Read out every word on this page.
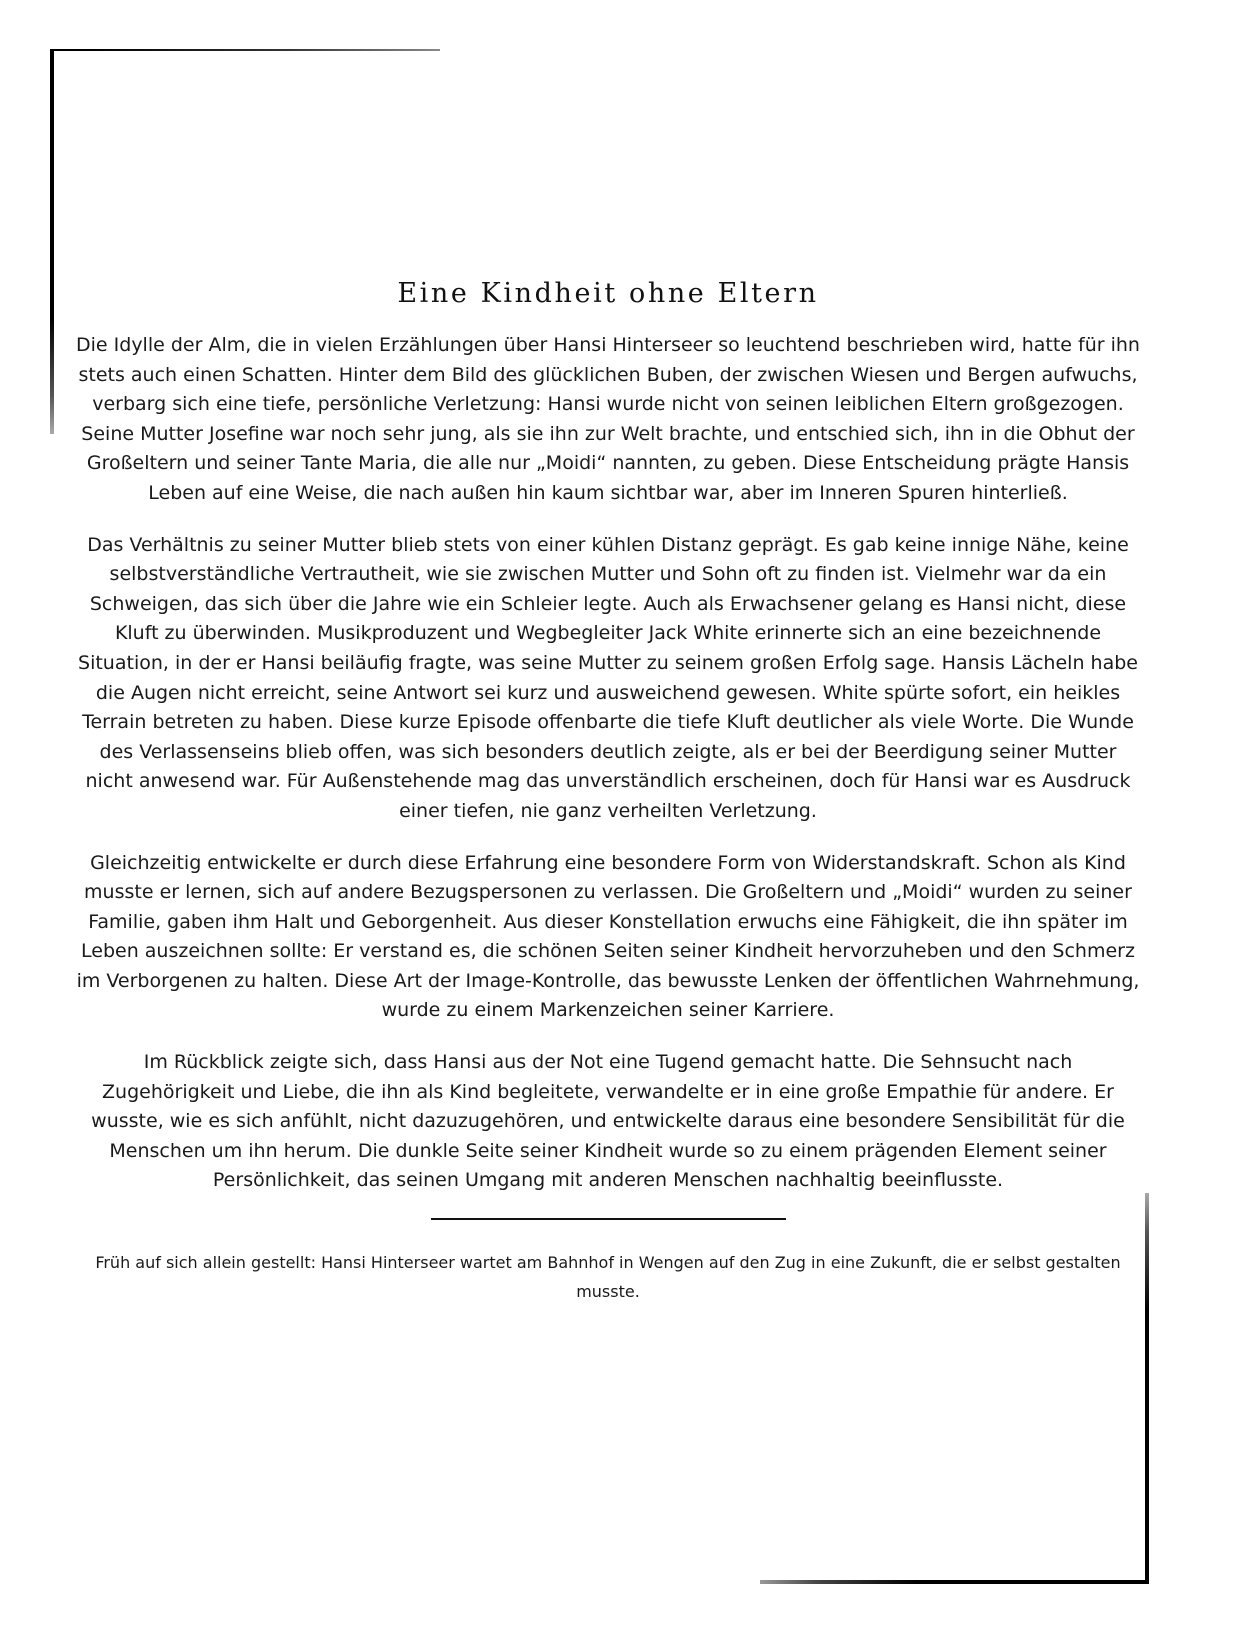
Eine Kindheit ohne Eltern

Die Idylle der Alm, die in vielen Erzählungen über Hansi Hinterseer so leuchtend beschrieben wird, hatte für ihn stets auch einen Schatten. Hinter dem Bild des glücklichen Buben, der zwischen Wiesen und Bergen aufwuchs, verbarg sich eine tiefe, persönliche Verletzung: Hansi wurde nicht von seinen leiblichen Eltern großgezogen. Seine Mutter Josefine war noch sehr jung, als sie ihn zur Welt brachte, und entschied sich, ihn in die Obhut der Großeltern und seiner Tante Maria, die alle nur „Moidi“ nannten, zu geben. Diese Entscheidung prägte Hansis Leben auf eine Weise, die nach außen hin kaum sichtbar war, aber im Inneren Spuren hinterließ.

Das Verhältnis zu seiner Mutter blieb stets von einer kühlen Distanz geprägt. Es gab keine innige Nähe, keine selbstverständliche Vertrautheit, wie sie zwischen Mutter und Sohn oft zu finden ist. Vielmehr war da ein Schweigen, das sich über die Jahre wie ein Schleier legte. Auch als Erwachsener gelang es Hansi nicht, diese Kluft zu überwinden. Musikproduzent und Wegbegleiter Jack White erinnerte sich an eine bezeichnende Situation, in der er Hansi beiläufig fragte, was seine Mutter zu seinem großen Erfolg sage. Hansis Lächeln habe die Augen nicht erreicht, seine Antwort sei kurz und ausweichend gewesen. White spürte sofort, ein heikles Terrain betreten zu haben. Diese kurze Episode offenbarte die tiefe Kluft deutlicher als viele Worte. Die Wunde des Verlassenseins blieb offen, was sich besonders deutlich zeigte, als er bei der Beerdigung seiner Mutter nicht anwesend war. Für Außenstehende mag das unverständlich erscheinen, doch für Hansi war es Ausdruck einer tiefen, nie ganz verheilten Verletzung.

Gleichzeitig entwickelte er durch diese Erfahrung eine besondere Form von Widerstandskraft. Schon als Kind musste er lernen, sich auf andere Bezugspersonen zu verlassen. Die Großeltern und „Moidi“ wurden zu seiner Familie, gaben ihm Halt und Geborgenheit. Aus dieser Konstellation erwuchs eine Fähigkeit, die ihn später im Leben auszeichnen sollte: Er verstand es, die schönen Seiten seiner Kindheit hervorzuheben und den Schmerz im Verborgenen zu halten. Diese Art der Image-Kontrolle, das bewusste Lenken der öffentlichen Wahrnehmung, wurde zu einem Markenzeichen seiner Karriere.

Im Rückblick zeigte sich, dass Hansi aus der Not eine Tugend gemacht hatte. Die Sehnsucht nach Zugehörigkeit und Liebe, die ihn als Kind begleitete, verwandelte er in eine große Empathie für andere. Er wusste, wie es sich anfühlt, nicht dazuzugehören, und entwickelte daraus eine besondere Sensibilität für die Menschen um ihn herum. Die dunkle Seite seiner Kindheit wurde so zu einem prägenden Element seiner Persönlichkeit, das seinen Umgang mit anderen Menschen nachhaltig beeinflusste.

Früh auf sich allein gestellt: Hansi Hinterseer wartet am Bahnhof in Wengen auf den Zug in eine Zukunft, die er selbst gestalten musste.
